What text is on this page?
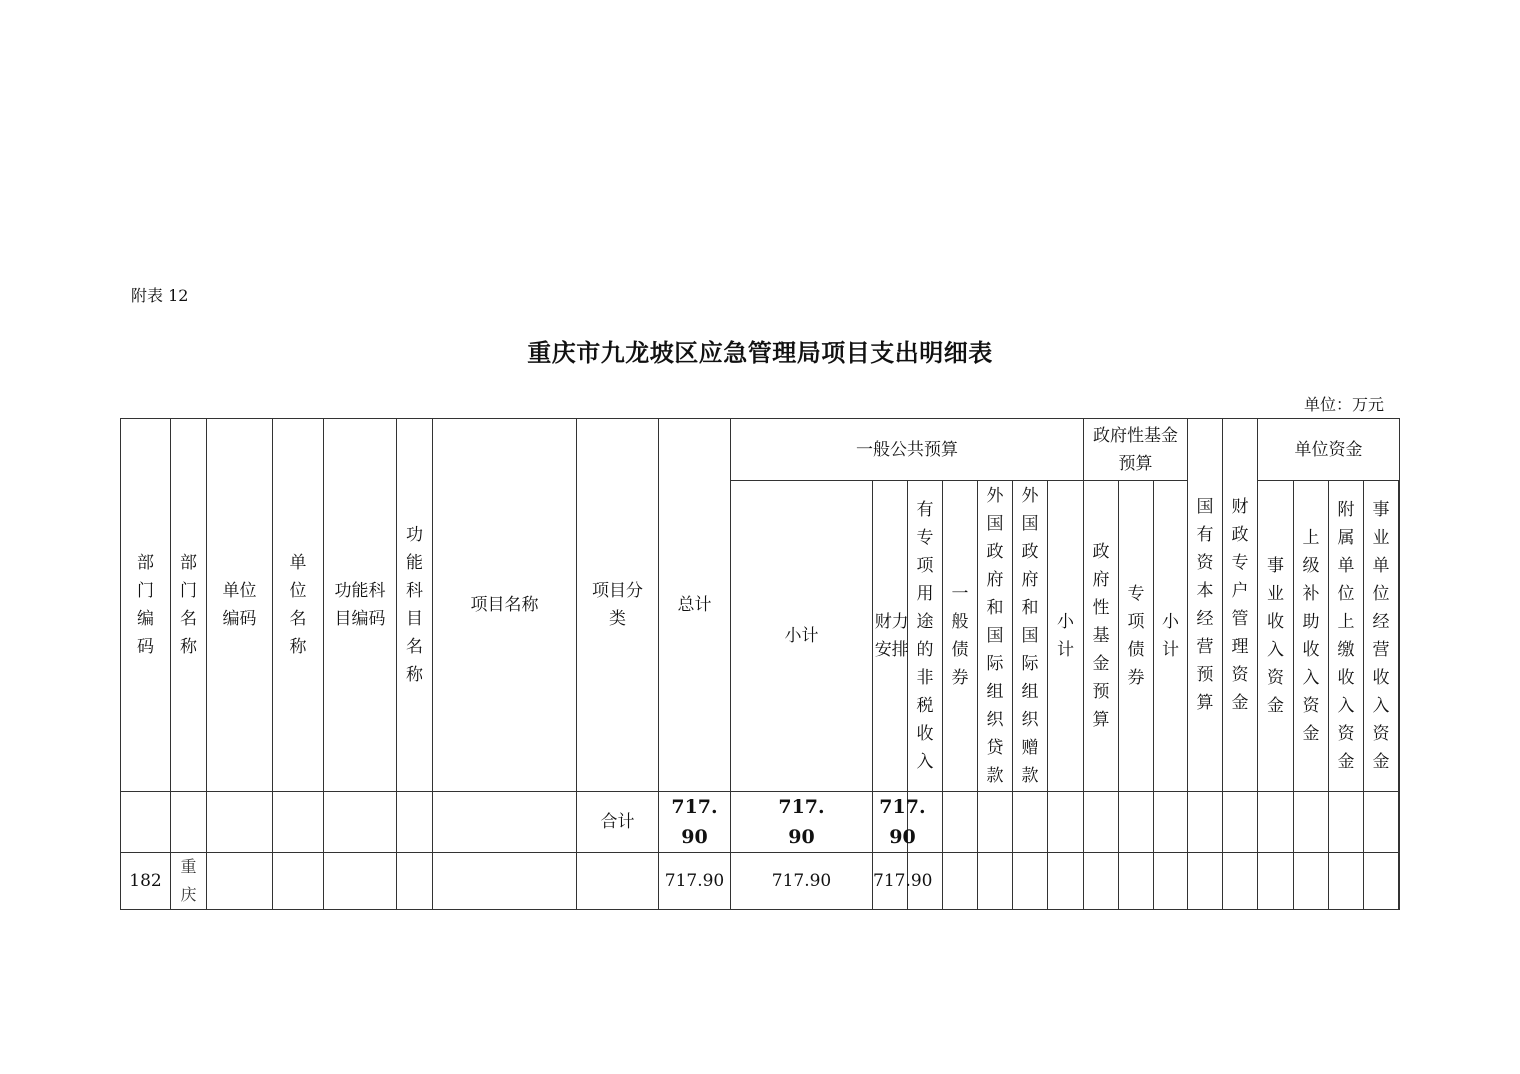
附表 12
重庆市九龙坡区应急管理局项目支出明细表
单位：万元
部门编码	部门名称	单位编码	单位名称	功能科目编码	功能科目名称	项目名称	项目分类	总计	一般公共预算							政府性基金预算			国有资本经营预算	财政专户管理资金	单位资金				
									小计	财力安排	有专项用途的非税收入	一般债券	外国政府和国际组织贷款	外国政府和国际组织赠款	小计	政府性基金预算	专项债券	小计			事业收入资金	上级补助收入资金	附属单位上缴收入资金	事业单位经营收入资金	
							合计	717.90	717.90	717.90															
182	重庆							717.90	717.90	717.90															
